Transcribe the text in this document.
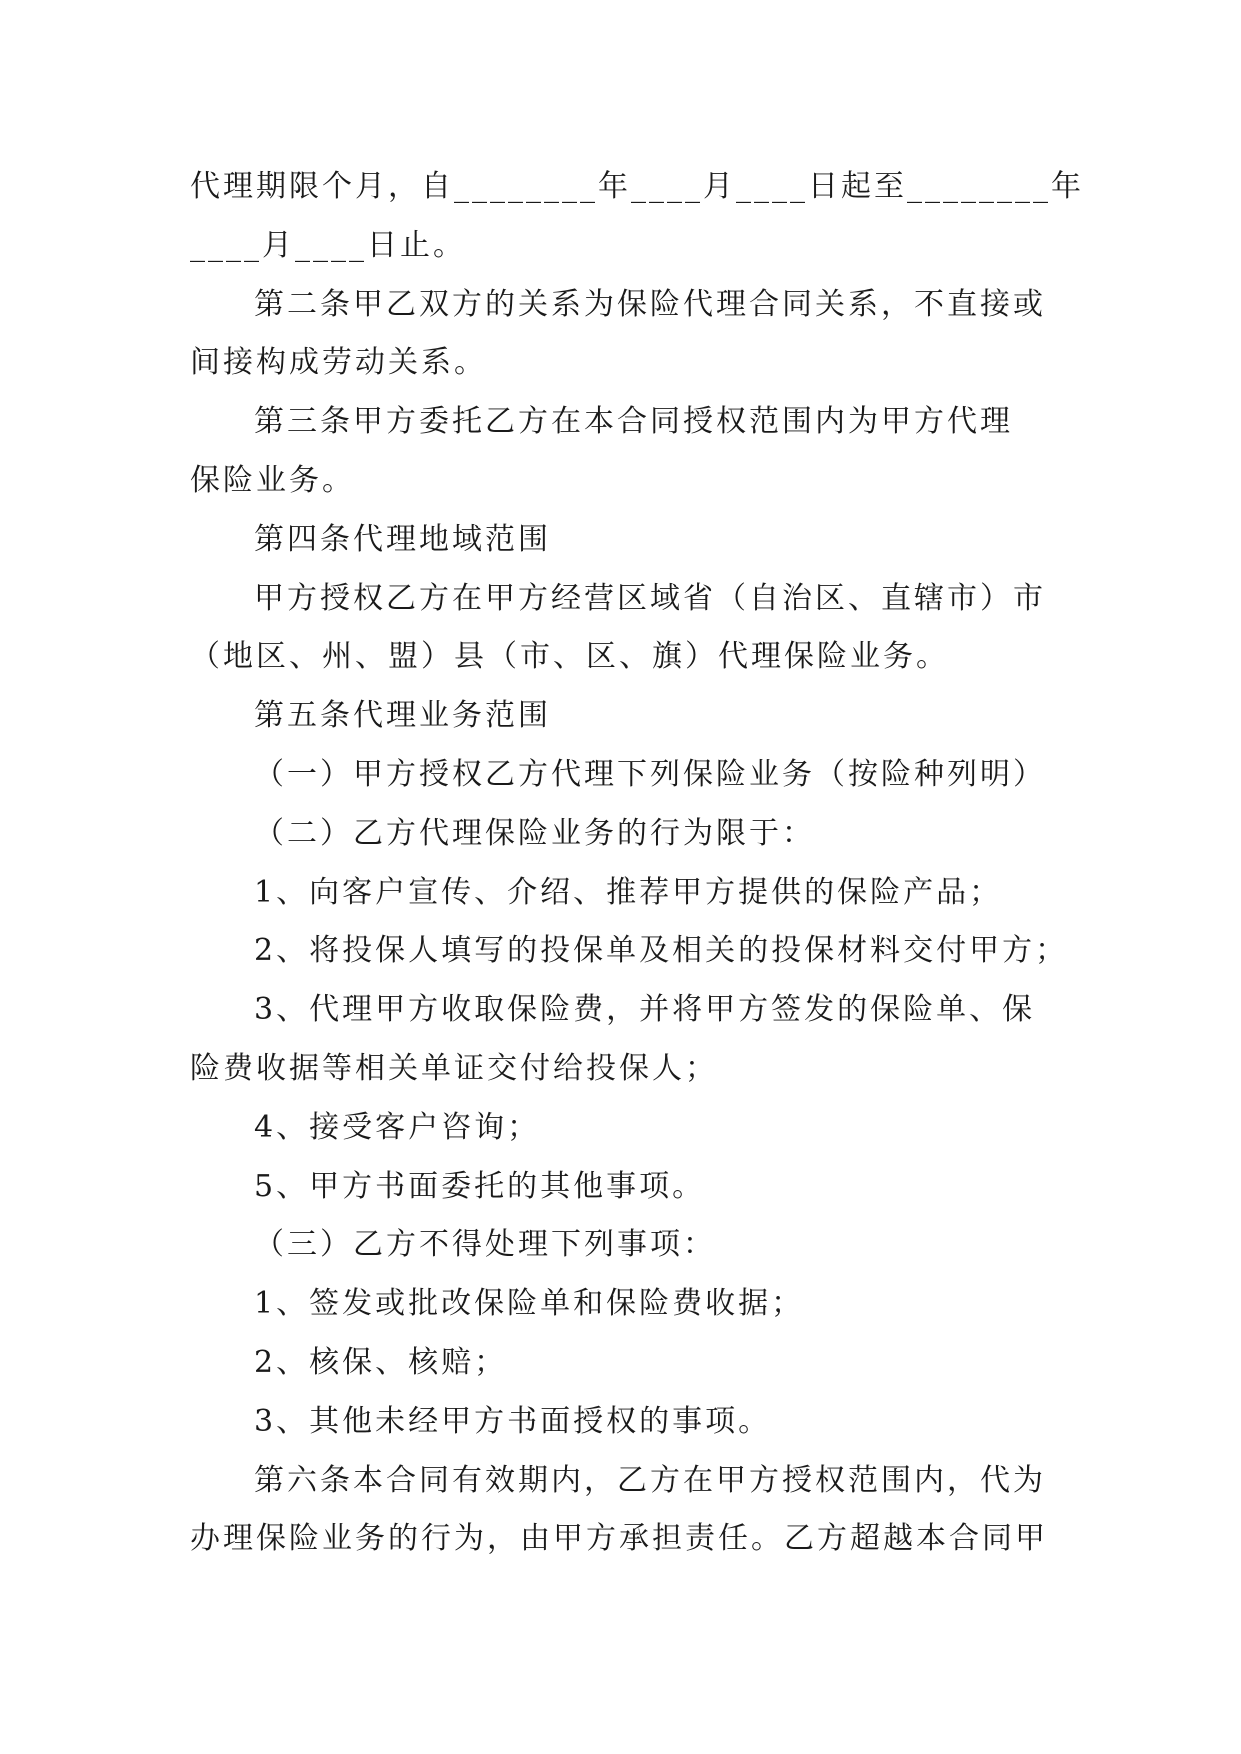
代理期限个月，自________年____月____日起至________年
____月____日止。
第二条甲乙双方的关系为保险代理合同关系，不直接或
间接构成劳动关系。
第三条甲方委托乙方在本合同授权范围内为甲方代理
保险业务。
第四条代理地域范围
甲方授权乙方在甲方经营区域省（自治区、直辖市）市
（地区、州、盟）县（市、区、旗）代理保险业务。
第五条代理业务范围
（一）甲方授权乙方代理下列保险业务（按险种列明）
（二）乙方代理保险业务的行为限于：
1、向客户宣传、介绍、推荐甲方提供的保险产品；
2、将投保人填写的投保单及相关的投保材料交付甲方；
3、代理甲方收取保险费，并将甲方签发的保险单、保
险费收据等相关单证交付给投保人；
4、接受客户咨询；
5、甲方书面委托的其他事项。
（三）乙方不得处理下列事项：
1、签发或批改保险单和保险费收据；
2、核保、核赔；
3、其他未经甲方书面授权的事项。
第六条本合同有效期内，乙方在甲方授权范围内，代为
办理保险业务的行为，由甲方承担责任。乙方超越本合同甲
